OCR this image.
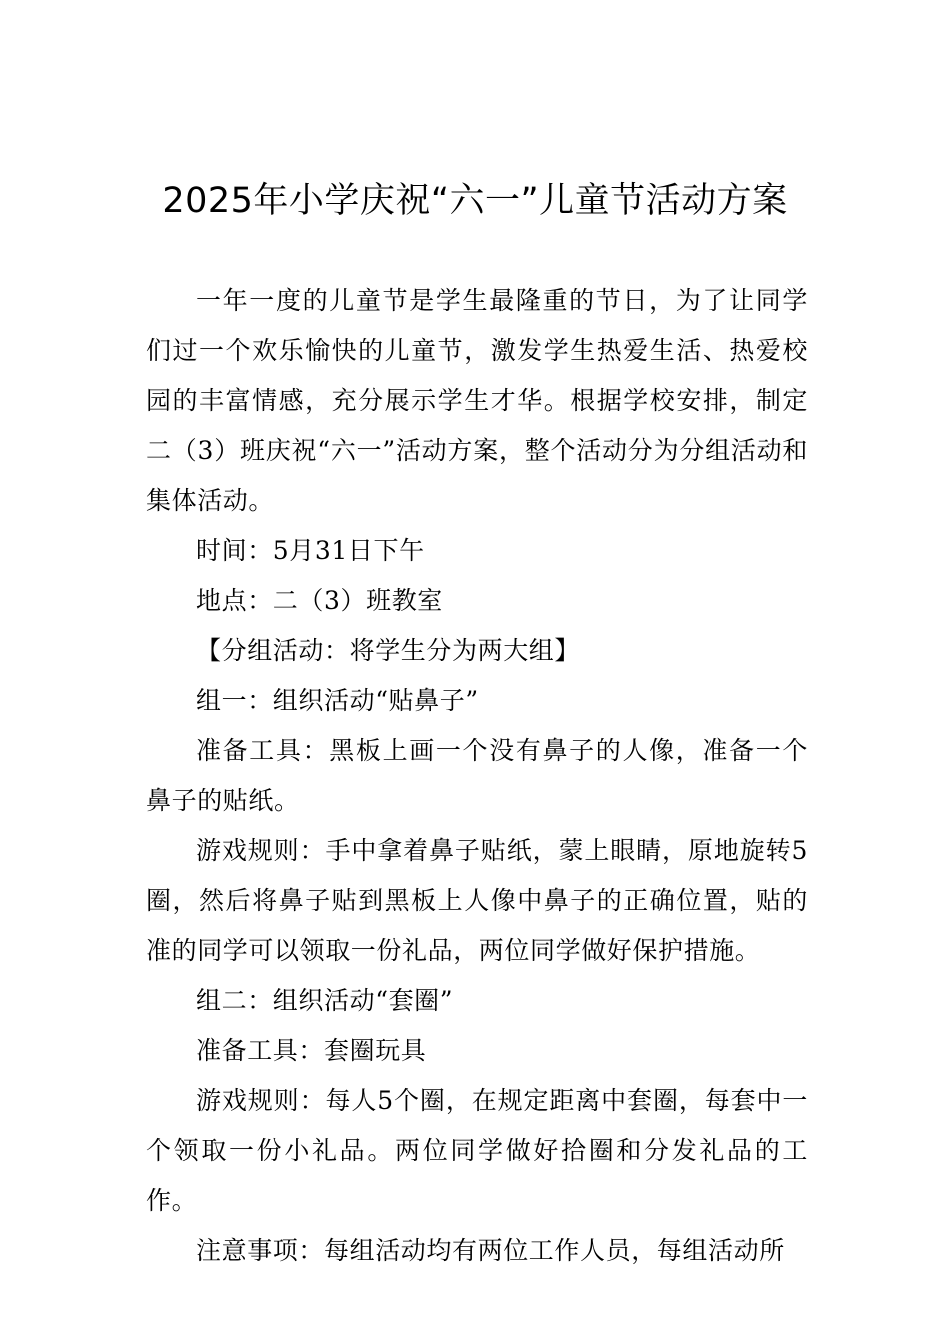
2025年小学庆祝“六一”儿童节活动方案

一年一度的儿童节是学生最隆重的节日，为了让同学们过一个欢乐愉快的儿童节，激发学生热爱生活、热爱校园的丰富情感，充分展示学生才华。根据学校安排，制定二（3）班庆祝“六一”活动方案，整个活动分为分组活动和集体活动。

时间：5月31日下午

地点：二（3）班教室

【分组活动：将学生分为两大组】

组一：组织活动“贴鼻子”

准备工具：黑板上画一个没有鼻子的人像，准备一个鼻子的贴纸。

游戏规则：手中拿着鼻子贴纸，蒙上眼睛，原地旋转5圈，然后将鼻子贴到黑板上人像中鼻子的正确位置，贴的准的同学可以领取一份礼品，两位同学做好保护措施。

组二：组织活动“套圈”

准备工具：套圈玩具

游戏规则：每人5个圈，在规定距离中套圈，每套中一个领取一份小礼品。两位同学做好拾圈和分发礼品的工作。

注意事项：每组活动均有两位工作人员，每组活动所
